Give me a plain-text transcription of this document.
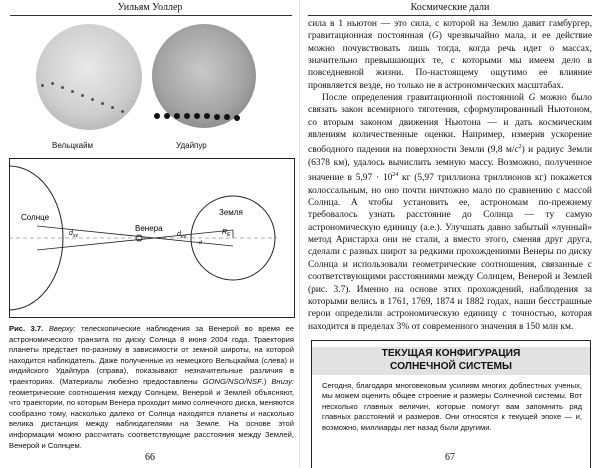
Уильям Уоллер
Вельцкайм	Удайпур
Солнце
Венера
Земля
d sv	d ev
R E
d
Рис. 3.7. Вверху: телескопические наблюдения за Венерой во время ее астрономического транзита по диску Солнца 8 июня 2004 года. Траектория планеты предстает по-разному в зависимости от земной широты, на которой находится наблюдатель. Даже полученные из немецкого Вельцкайма (слева) и индийского Удайпура (справа), показывают незначительные различия в траекториях. (Материалы любезно предоставлены GONG/NSO/NSF.) Внизу: геометрические соотношения между Солнцем, Венерой и Землей объясняют, что траектории, по которым Венера проходит мимо солнечного диска, меняются сообразно тому, насколько далеко от Солнца находятся планеты и насколько велика дистанция между наблюдателями на Земле. На основе этой информации можно рассчитать соответствующие расстояния между Землей, Венерой и Солнцем.
66
Космические дали

сила в 1 ньютон — это сила, с которой на Землю давит гамбургер, гравитационная постоянная (G) чрезвычайно мала, и ее действие можно почувствовать лишь тогда, когда речь идет о массах, значительно превышающих те, с которыми мы имеем дело в повседневной жизни. По-настоящему ощутимо ее влияние проявляется везде, но только не в астрономических масштабах.

После определения гравитационной постоянной G можно было связать закон всемирного тяготения, сформулированный Ньютоном, со вторым законом движения Ньютона — и дать космическим явлениям количественные оценки. Например, измерив ускорение свободного падения на поверхности Земли (9,8 $м/с^2$) и радиус Земли (6378 км), удалось вычислить земную массу. Возможно, полученное значение в $5,97 \cdot 10^{24}$ кг (5,97 триллиона триллионов кг) покажется колоссальным, но оно почти ничтожно мало по сравнению с массой Солнца. А чтобы установить ее, астрономам по-прежнему требовалось узнать расстояние до Солнца — ту самую астрономическую единицу (а.е.). Улучшать давно забытый «лунный» метод Аристарха они не стали, а вместо этого, сменяя друг друга, сделали с разных широт за редкими прохождениями Венеры по диску Солнца и использовали геометрические соотношения, связанные с соответствующими расстояниями между Солнцем, Венерой и Землей (рис. 3.7). Именно на основе этих прохождений, наблюдения за которыми велись в 1761, 1769, 1874 и 1882 годах, наши бесстрашные герои определили астрономическую единицу с точностью, которая находится в пределах 3% от современного значения в 150 млн км.

ТЕКУЩАЯ КОНФИГУРАЦИЯ
СОЛНЕЧНОЙ СИСТЕМЫ
Сегодня, благодаря многовековым усилиям многих доблестных ученых, мы можем оценить общее строение и размеры Солнечной системы. Вот несколько главных величин, которые помогут вам запомнить ряд главных расстояний и размеров. Они относятся к текущей эпохе — и, возможно, миллиарды лет назад были другими.
67
